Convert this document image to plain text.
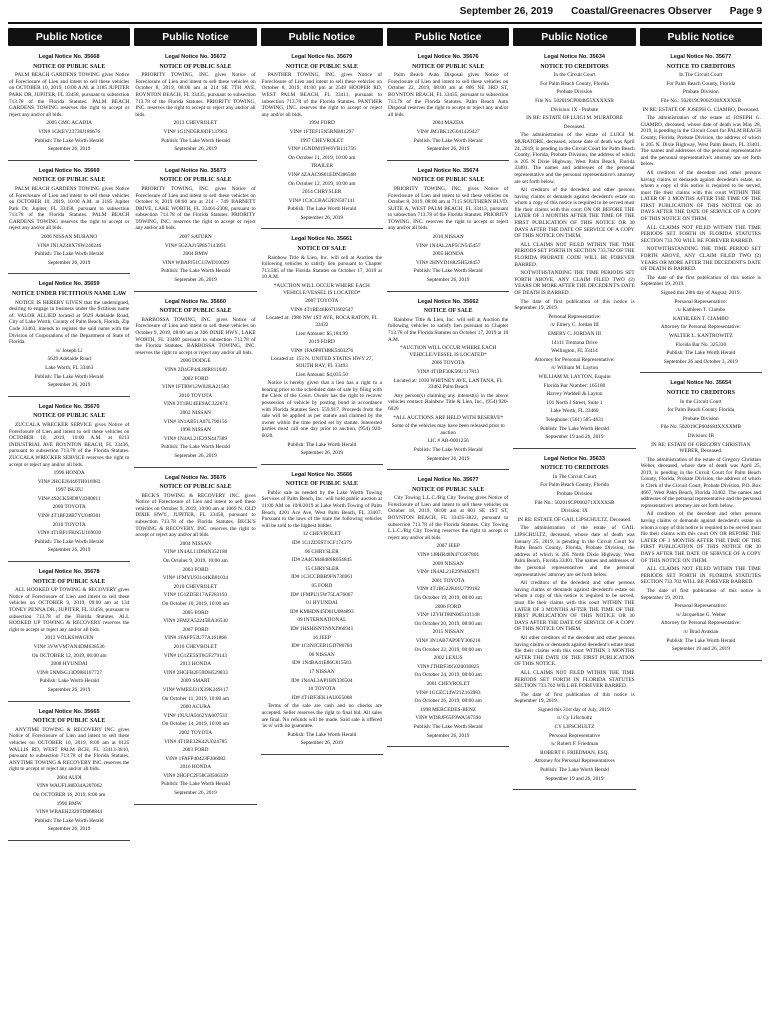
September 26, 2019 Coastal/Greenacres Observer Page 9
Public Notice	Public Notice	Public Notice	Public Notice	Public Notice	Public Notice
Legal Notice No. 35668
NOTICE OF PUBLIC SALE

PALM BEACH GARDENS TOWING gives Notice of Foreclosure of Lien and intent to sell these vehicles on OCTOBER 10, 2019, 10:00 A.M. at 3185 JUPITER PARK DR, JUPITER, FL 33458, pursuant to subsection 713.78 of the Florida Statutes. PALM BEACH GARDENS TOWING reserves the right to accept or reject any and/or all bids.

2005 GMC ACADIA

VIN# 1GKEV23738J186676

Publish: The Lake Worth Herald

September 26, 2019

Legal Notice No. 35669
NOTICE OF PUBLIC SALE

PALM BEACH GARDENS TOWING gives Notice of Foreclosure of Lien and intent to sell these vehicles on OCTOBER 10, 2019, 10:00 A.M. at 3185 Jupiter Park Dr, Jupiter, FL 33458, pursuant to subsection 713.78 of the Florida Statutes. PALM BEACH GARDENS TOWING reserves the right to accept or reject any and/or all bids.

2006 NISSAN MURANO

VIN# JN1AZ48X76W240246

Publish: The Lake Worth Herald

September 26, 2019

Legal Notice No. 35659
NOTICE UNDER FICTITIOUS NAME LAW

NOTICE IS HEREBY GIVEN that the undersigned, desiring to engage in business under the fictitious name of: VALOR ALLIED located at 5629 Adelaide Road, City of Lake Worth, County of Palm Beach, Florida, Zip Code 33463, intends to register the said name with the Division of Corporations of the Department of State of Florida.

/s/ Joseph Li

5629 Adelaide Road

Lake Worth, FL 33463

Publish: The Lake Worth Herald

September 26, 2019

Legal Notice No. 35670
NOTICE OF PUBLIC SALE

ZUCCALA WRECKER SERVICE gives Notice of Foreclosure of Lien and intent to sell these vehicles on OCTOBER 10, 2019, 10:00 A.M. at 6213 INDUSTRIAL AVE BOYNTON BEACH, FL 33436, pursuant to subsection 713.78 of the Florida Statutes. ZUCCALA WRECKER SERVICE reserves the right to accept or reject any and/or all bids.

1996 HONDA

VIN# 2HGEJ6446TH016983

1997 ISUZU

VIN# 4S2CK58D8V4300811

2000 TOYOTA

VIN# 4T1BF28B7YU048301

2016 TOYOTA

VIN# 4T1BF1FK6GU169030

Publish: The Lake Worth Herald

September 26, 2019

Legal Notice No. 35678
NOTICE OF PUBLIC SALE

ALL HOOKED UP TOWING & RECOVERY gives Notice of Foreclosure of Lien and intent to sell these vehicles on OCTOBER 9, 2019, 09:00 am at 134 TONEY PENNA DR., JUPITER, FL 33458, pursuant to subsection 713.78 of the Florida Statutes. ALL HOOKED UP TOWING & RECOVERY reserves the right to accept or reject any and/or all bids.

2013 VOLKSWAGEN

VIN# 3VWVM7AN4DM638536

On OCTOBER 12, 2019, 06:00 am

2008 HYUNDAI

VIN# 5NMSG13D98H167727

Publish: Lake Worth Herald

September 26, 2019

Legal Notice No. 35665
NOTICE OF PUBLIC SALE

ANYTIME TOWING & RECOVERY INC. gives Notice of Foreclosure of Lien and intent to sell these vehicles on OCTOBER 10, 2019, 8:00 am at 6125 WALLIS RD, WEST PALM BCH, FL 33413-3810, pursuant to subsection 713.78 of the Florida Statutes. ANYTIME TOWING & RECOVERY INC. reserves the right to accept or reject any and/or all bids.

2004 AUDI

VIN# WAUFL88D34A207062

On OCTOBER 16, 2019, 8:00 am

1996 BMW

VIN# WBAEH2320TD868844

Publish: The Lake Worth Herald

September 26, 2019

Legal Notice No. 35672
NOTICE OF PUBLIC SALE

PRIORITY TOWING, INC. gives Notice of Foreclosure of Lien and intent to sell these vehicles on October 8, 2019, 08:00 am at 214 SE 7TH AVE, BOYNTON BEACH, FL 33435, pursuant to subsection 713.78 of the Florida Statutes. PRIORITY TOWING, INC. reserves the right to accept or reject any and/or all bids.

2013 CHEVROLET

VIN# 1G1ND5RJ0DF137963

Publish: The Lake Worth Herald

September 26, 2019

Legal Notice No. 35673
NOTICE OF PUBLIC SALE

PRIORITY TOWING, INC. gives Notice of Foreclosure of Lien and intent to sell these vehicles on October 8, 2019 08:00 am at 214 - 749 BARNETT DRIVE, LAKE WORTH, FL 33461-2308, pursuant to subsection 713.78 of the Florida Statutes. PRIORITY TOWING, INC. reserves the right to accept or reject any and/or all bids.

2007 SATURN

VIN# 5GZAJ15P8S7143851

2004 BMW

VIN# WBAPJ51C15WD10029

Publish: The Lake Worth Herald

September 26, 2019

Legal Notice No. 35660
NOTICE OF PUBLIC SALE

BARBOSSA TOWING, INC. gives Notice of Foreclosure of Lien and intent to sell these vehicles on October 9, 2019, 08:00 am at 306 DIXIE HWY., LAKE WORTH, FL 33460 pursuant to subsection 713.78 of the Florida Statutes. BARBOSSA TOWING, INC. reserves the right to accept or reject any and/or all bids.

2006 DODGE

VIN# 2D4GP44L86R811049

2002 FORD

VIN# 1FTRW12W02KA21583

2010 TOYOTA

VIN# 2T1BU4EE9AC322874

2002 NISSAN

VIN# 3N1AB51A07L790156

1998 NISSAN

VIN# 1N4AL21E29N447589

Publish: The Lake Worth Herald

September 26, 2019

Legal Notice No. 35676
NOTICE OF PUBLIC SALE

BECK'S TOWING & RECOVERY INC. gives Notice of Foreclosure of Lien and intent to sell these vehicles on October 9, 2019, 10:00 am at 1069 N. OLD DIXIE HWY., JUPITER, FL 33458, pursuant to subsection 713.78 of the Florida Statutes. BECK'S TOWING & RECOVERY, INC. reserves the right to accept or reject any and/or all bids.

2004 NISSAN

VIN# 1N4AL11D84N352180

On October 9, 2019, 10:00 am

2003 FORD

VIN# 1FMYU93144KB81034

2010 CHEVROLET

VIN# 1G1ZD5E17AF283193

On October 10, 2019, 10:00 am

2005 FORD

VIN# 2FMZA52245BA36530

2007 FORD

VIN# 1FAFP53U77A161866

2016 CHEVROLET

VIN# 1G1ZE5ST6GF279143

2013 HONDA

VIN# 2HGFB2F59DH529833

2009 SMART

VIN# WMEEJ31X39K249117

On October 11, 2019, 10:00 am

2000 ACURA

VIN# 19UUA5662YA007533

On October 14, 2019, 10:00 am

2002 TOYOTA

VIN# 4T1BE32K42U024785

2003 FORD

VIN# 1FAFP40423F306082

2016 HONDA

VIN# 2HGFC2F58GH506339

Publish: The Lake Worth Herald

September 26, 2019

Legal Notice No. 35679
NOTICE OF PUBLIC SALE

PANTHER TOWING, INC. gives Notice of Foreclosure of Lien and intent to sell these vehicles on October 8, 2019, 01:00 pm at 2549 HOOPER RD, WEST PALM BEACH, FL 33411, pursuant to subsection 713.78 of the Florida Statutes. PANTHER TOWING, INC. reserves the right to accept or reject any and/or all bids.

1994 FORD

VIN# 1FTEF15N5RNB81297

1997 CHEVROLET

VIN# 1GNDM19W6VB111756

On October 11, 2019, 10:00 am

TRAILER

VIN# 4ZAAC9S61EDN386568

On October 12, 2019, 10:00 am

2014 CHRYSLER

VIN# 1C3CCBAG2EN507141

Publish: The Lake Worth Herald

September 26, 2019

Legal Notice No. 35661
NOTICE OF SALE

Rainbow Title & Lien, Inc. will sell at Auction the following vehicles to satisfy lien pursuant to Chapter 713.585 of the Florida Statutes on October 17, 2019 at 10 A.M.

*AUCTION WILL OCCUR WHERE EACH VEHICLE/VESSEL IS LOCATED*

2007 TOYOTA

VIN# 4T1BE46K67U602547

Located at: 1986 NW 1ST AVE, BOCA RATON, FL 33432

Lien Amount: $5,184.99

2019 FORD

VIN# 1FA6P8TH8K5403276

Located at: 153 N. UNITED STATES HWY 27, SOUTH BAY, FL 33493

Lien Amount: $4,035.50

Notice is hereby given that a lien has a right to a hearing prior to the scheduled date of sale by filing with the Clerk of the Court. Owner has the right to recover possession of vehicle by posting bond in accordance with Florida Statutes Sect. 559.917. Proceeds from the sale will be applied as per statute and claimed by the owner within the time period set by statute. Interested parties must call one day prior to auction, (954) 920-6020.

Publish: The Lake Worth Herald

September 26, 2019

Legal Notice No. 35666
NOTICE OF PUBLIC SALE

Public sale as needed by the Lake Worth Towing Services of Palm Beach, Inc. will hold public auction at 11:00 AM on 10/8/2019 at Lake Worth Towing of Palm Beach, 4201 Ace Ave, West Palm Beach, FL 33407. Pursuant to the laws of the state the following vehicles will be sold to the highest bidder.

12 CHEVROLET

ID# 1G1ZD5ST1CF174379

06 CHRYSLER

ID# 2A4GM48486R654845

15 CHRYSLER

ID# 1C3CCBBB9FN736961

05 FORD

ID# 1FMPU15W75LA76067

01 HYUNDAI

ID# KMHDN45D61U084893

09 INTERNATIONAL

ID# 1HSHISNTN9XJ966941

16 JEEP

ID# 1C4NJCEB1GD786784

06 NISSAN

ID# 1N4BA41E86C815503

17 NISSAN

ID# 1N4AL3AP1HN336504

10 TOYOTA

ID# 4T1BF3EK1AU055068

Terms of the sale are cash and no checks are accepted. Seller reserves the right to final bid. All sales are final. No refunds will be made. Said sale is offered 'as is' with no guarantee.

Publish: The Lake Worth Herald

September 26, 2019

Legal Notice No. 35676
NOTICE OF PUBLIC SALE

Palm Beach Auto Disposal gives Notice of Foreclosure of Lien and intent to sell these vehicles on October 22, 2019, 08:00 am at 806 NE 3RD ST, BOYNTON BEACH, FL 33435, pursuant to subsection 713.78 of the Florida Statutes. Palm Beach Auto Disposal reserves the right to accept or reject any and/or all bids.

2004 MAZDA

VIN# JM1BK12G041429427

Publish: The Lake Worth Herald

September 26, 2019

Legal Notice No. 35674
NOTICE OF PUBLIC SALE

PRIORITY TOWING, INC. gives Notice of Foreclosure of Lien and intent to sell these vehicles on October 8, 2019, 08:00 am at 7115 SOUTHERN BLVD. SUITE A, WEST PALM BEACH, FL 33413, pursuant to subsection 713.78 of the Florida Statutes. PRIORITY TOWING, INC. reserves the right to accept or reject any and/or all bids.

2010 NISSAN

VIN# 1N4AL2AP5CN545457

2005 HONDA

VIN# 2HNYD18825H528457

Publish: The Lake Worth Herald

September 26, 2019

Legal Notice No. 35662
NOTICE OF SALE

Rainbow Title & Lien, Inc. will sell at Auction the following vehicles to satisfy lien pursuant to Chapter 713.78 of the Florida Statutes on October 17, 2019 at 10 A.M.

*AUCTION WILL OCCUR WHERE EACH VEHICLE/VESSEL IS LOCATED*

2006 TOYOTA

VIN# 4T1BF30K56U117813

Located at: 1030 WHITNEY AVE, LANTANA, FL 33462 Palm Beach

Any person(s) claiming any interest(s) in the above vehicles contact: Rainbow Title & Lien, Inc., (954) 920-6020

*ALL AUCTIONS ARE HELD WITH RESERVE*

Some of the vehicles may have been released prior to auction

LIC # AB-0001256

Publish: The Lake Worth Herald

September 26, 2019

Legal Notice No. 35677
NOTICE OF PUBLIC SALE

City Towing L.L.C./Big City Towing gives Notice of Foreclosure of Lien and intent to sell these vehicles on October 18, 2019, 08:00 am at 801 SE 1ST ST, BOYNTON BEACH, FL 33435-3822, pursuant to subsection 713.78 of the Florida Statutes. City Towing L.L.C./Big City Towing reserves the right to accept or reject any and/or all bids.

2007 JEEP

VIN# 1J8HR48N47C667801

2009 NISSAN

VIN# 1N4AL21E29N402871

2001 TOYOTA

VIN# 4T1BG22K61U799182

On October 19, 2019, 08:00 am

2006 FORD

VIN# 1ZVHT80N065131148

On October 20, 2019, 08:00 am

2015 NISSAN

VIN# 3N1AB7AP9FY306218

On October 22, 2019, 08:00 am

2002 LEXUS

VIN# JTHBF30G020030825

On October 24, 2019, 08:00 am

2001 CHEVROLET

VIN# 1GCEC14W21Z163983

On October 26, 2019, 08:00 am

1998 MERCEDES-BENZ

VIN# WDBJF65F9WA507596

Publish: The Lake Worth Herald

September 26, 2019

Legal Notice No. 35634
NOTICE TO CREDITORS

In the Circuit Court

For Palm Beach County, Florida

Probate Division

File No. 502019CP004855XXXXSB

Division: IX - Probate

IN RE: ESTATE OF LUIGI M. MURATORE

Deceased.

The administration of the estate of LUIGI M. MURATORE, deceased, whose date of death was April 24, 2019, is pending in the Circuit Court for Palm Beach County, Florida, Probate Division, the address of which is 205 N Dixie Highway, West Palm Beach, Florida 33401. The names and addresses of the personal representative and the personal representative's attorney are set forth below.

All creditors of the decedent and other persons having claims or demands against decedent's estate on whom a copy of this notice is required to be served must file their claims with this court ON OR BEFORE THE LATER OF 3 MONTHS AFTER THE TIME OF THE FIRST PUBLICATION OF THIS NOTICE OR 30 DAYS AFTER THE DATE OF SERVICE OF A COPY OF THIS NOTICE ON THEM.

ALL CLAIMS NOT FILED WITHIN THE TIME PERIODS SET FORTH IN SECTION 733.702 OF THE FLORIDA PROBATE CODE WILL BE FOREVER BARRED.

NOTWITHSTANDING THE TIME PERIODS SET FORTH ABOVE, ANY CLAIM FILED TWO (2) YEARS OR MORE AFTER THE DECEDENT'S DATE OF DEATH IS BARRED.

The date of first publication of this notice is September 19, 2019.

Personal Representative:

/s/ Emery C. Jordan III

EMERY C. JORDAN III

14111 Tremona Drive

Wellington, FL 33414

Attorney for Personal Representative:

/s/ William M. Layton

WILLIAM M. LAYTON, Esquire

Florida Bar Number: 165180

Harvey Waddell & Layton

101 North J Street, Suite 1

Lake Worth, FL 33460

Telephone: (561) 585-4631

Publish: The Lake Worth Herald

September 19 and 26, 2019

Legal Notice No. 35633
NOTICE TO CREDITORS

In The Circuit Court

For Palm Beach County, Florida

Probate Division

File No.: 502019CP000271XXXXSB

Division: IX

IN RE: ESTATE OF GAIL LIPSCHULTZ, Deceased.

The administration of the estate of GAIL LIPSCHULTZ, deceased, whose date of death was January 25, 2019, is pending in the Circuit Court for Palm Beach County, Florida, Probate Division, the address of which is 205 North Dixie Highway, West Palm Beach, Florida 33401. The names and addresses of the personal representatives and the personal representatives' attorney are set forth below.

All creditors of the decedent and other persons having claims or demands against decedent's estate on whom a copy of this notice is required to be served, must file their claims with this court WITHIN THE LATER OF 3 MONTHS AFTER THE TIME OF THE FIRST PUBLICATION OF THIS NOTICE OR 30 DAYS AFTER THE DATE OF SERVICE OF A COPY OF THIS NOTICE ON THEM.

All other creditors of the decedent and other persons having claims or demands against decedent's estate must file their claims with this court WITHIN 3 MONTHS AFTER THE DATE OF THE FIRST PUBLICATION OF THIS NOTICE.

ALL CLAIMS NOT FILED WITHIN THE TIME PERIODS SET FORTH IN FLORIDA STATUTES SECTION 733.702 WILL BE FOREVER BARRED.

The date of first publication of this notice is September 19, 2019.

Signed this 31st day of July, 2019.

/s/ Cy Lifschultz

CY LIFSCHULTZ

Personal Representative

/s/ Robert F. Friedman

ROBERT F. FRIEDMAN, ESQ.

Attorney for Personal Representatives

Publish: The Lake Worth Herald

September 19 and 26, 2019

Legal Notice No. 35677
NOTICE TO CREDITORS

In The Circuit Court

For Palm Beach County, Florida

Probate Division

File No.: 502019CP002930XXXXSB

IN RE: ESTATE OF JOSEPH G. CIAMBO, Deceased.

The administration of the estate of JOSEPH G. CIAMBO, deceased, whose date of death was May 28, 2019, is pending in the Circuit Court for PALM BEACH County, Florida, Probate Division, the address of which is 205 N. Dixie Highway, West Palm Beach, FL 33401. The names and addresses of the personal representative and the personal representative's attorney are set forth below.

All creditors of the decedent and other persons having claims or demands against decedent's estate, on whom a copy of this notice is required to be served, must file their claims with this court WITHIN THE LATER OF 3 MONTHS AFTER THE TIME OF THE FIRST PUBLICATION OF THIS NOTICE OR 30 DAYS AFTER THE DATE OF SERVICE OF A COPY OF THIS NOTICE ON THEM.

ALL CLAIMS NOT FILED WITHIN THE TIME PERIODS SET FORTH IN FLORIDA STATUTES SECTION 733.702 WILL BE FOREVER BARRED.

NOTWITHSTANDING THE TIME PERIOD SET FORTH ABOVE, ANY CLAIM FILED TWO (2) YEARS OR MORE AFTER THE DECEDENT'S DATE OF DEATH IS BARRED.

The date of the first publication of this notice is September 19, 2019.

Signed this 28th day of August, 2019.

Personal Representative:

/s/ Kathleen T. Ciambo

KATHLEEN T. CIAMBO

Attorney for Personal Representative:

WALTER L. KANTROWITZ

Florida Bar No. 325330

Publish: The Lake Worth Herald

September 26 and October 3, 2019

Legal Notice No. 35654
NOTICE TO CREDITORS

In the Circuit Court

for Palm Beach County Florida

Probate Division

File No. 502019CP004684XXXXMB

Division: IB

IN RE: ESTATE OF GREGORY CHRISTIAN WEBER, Deceased.

The administration of the estate of Gregory Christian Weber, deceased, whose date of death was April 25, 2019, is pending in the Circuit Court for Palm Beach County, Florida, Probate Division, the address of which is Clerk of the Circuit Court, Probate Division, P.O. Box 4667, West Palm Beach, Florida 33402. The names and addresses of the personal representative and the personal representative's attorney are set forth below.

All creditors of the decedent and other persons having claims or demands against decedent's estate on whom a copy of this notice is required to be served must file their claims with this court ON OR BEFORE THE LATER OF 3 MONTHS AFTER THE TIME OF THE FIRST PUBLICATION OF THIS NOTICE OR 30 DAYS AFTER THE DATE OF SERVICE OF A COPY OF THIS NOTICE ON THEM.

ALL CLAIMS NOT FILED WITHIN THE TIME PERIODS SET FORTH IN FLORIDA STATUTES SECTION 733.702 WILL BE FOREVER BARRED.

The date of first publication of this notice is September 19, 2019.

Personal Representative:

/s/ Jacqueline G. Weber

Attorney for Personal Representative:

/s/ Brad Avakian

Publish: The Lake Worth Herald

September 19 and 26, 2019
